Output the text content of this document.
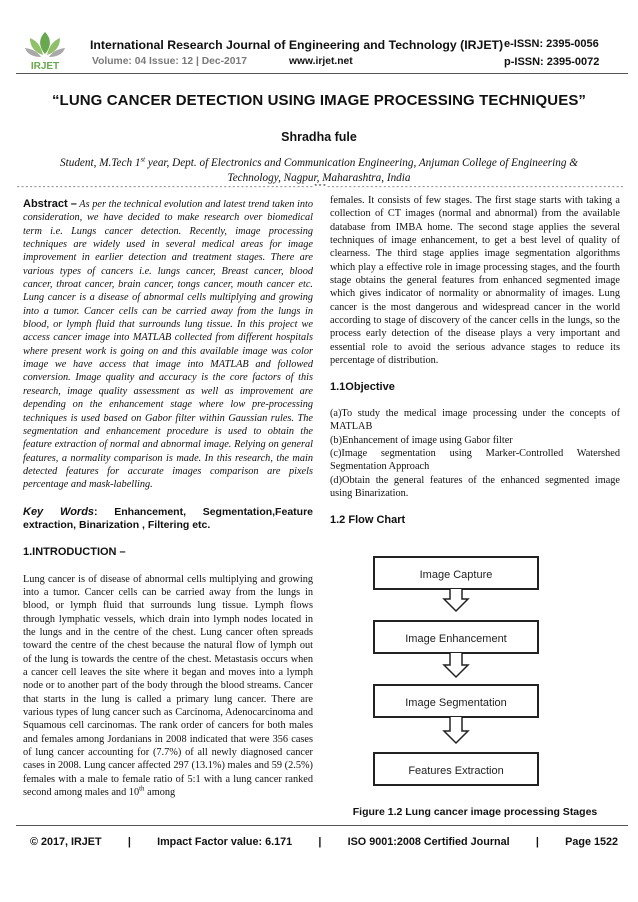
IRJET
International Research Journal of Engineering and Technology (IRJET) e-ISSN: 2395-0056
Volume: 04 Issue: 12 | Dec-2017	www.irjet.net	p-ISSN: 2395-0072
“LUNG CANCER DETECTION USING IMAGE PROCESSING TECHNIQUES”
Shradha fule
Student, M.Tech 1st year, Dept. of Electronics and Communication Engineering, Anjuman College of Engineering &
Technology, Nagpur, Maharashtra, India
---------------------------------------------------------------------***---------------------------------------------------------------------

Abstract – As per the technical evolution and latest trend taken into consideration, we have decided to make research over biomedical term i.e. Lungs cancer detection. Recently, image processing techniques are widely used in several medical areas for image improvement in earlier detection and treatment stages. There are various types of cancers i.e. lungs cancer, Breast cancer, blood cancer, throat cancer, brain cancer, tongs cancer, mouth cancer etc. Lung cancer is a disease of abnormal cells multiplying and growing into a tumor. Cancer cells can be carried away from the lungs in blood, or lymph fluid that surrounds lung tissue. In this project we access cancer image into MATLAB collected from different hospitals where present work is going on and this available image was color image we have access that image into MATLAB and followed conversion. Image quality and accuracy is the core factors of this research, image quality assessment as well as improvement are depending on the enhancement stage where low pre-processing techniques is used based on Gabor filter within Gaussian rules. The segmentation and enhancement procedure is used to obtain the feature extraction of normal and abnormal image. Relying on general features, a normality comparison is made. In this research, the main detected features for accurate images comparison are pixels percentage and mask-labelling.

Key Words: Enhancement, Segmentation,Feature extraction, Binarization , Filtering etc.

1.INTRODUCTION –

Lung cancer is of disease of abnormal cells multiplying and growing into a tumor. Cancer cells can be carried away from the lungs in blood, or lymph fluid that surrounds lung tissue. Lymph flows through lymphatic vessels, which drain into lymph nodes located in the lungs and in the centre of the chest. Lung cancer often spreads toward the centre of the chest because the natural flow of lymph out of the lung is towards the centre of the chest. Metastasis occurs when a cancer cell leaves the site where it began and moves into a lymph node or to another part of the body through the blood streams. Cancer that starts in the lung is called a primary lung cancer. There are various types of lung cancer such as Carcinoma, Adenocarcinoma and Squamous cell carcinomas. The rank order of cancers for both males and females among Jordanians in 2008 indicated that were 356 cases of lung cancer accounting for (7.7%) of all newly diagnosed cancer cases in 2008. Lung cancer affected 297 (13.1%) males and 59 (2.5%) females with a male to female ratio of 5:1 with a lung cancer ranked second among males and 10th among

females. It consists of few stages. The first stage starts with taking a collection of CT images (normal and abnormal) from the available database from IMBA home. The second stage applies the several techniques of image enhancement, to get a best level of quality of clearness. The third stage applies image segmentation algorithms which play a effective role in image processing stages, and the fourth stage obtains the general features from enhanced segmented image which gives indicator of normality or abnormality of images. Lung cancer is the most dangerous and widespread cancer in the world according to stage of discovery of the cancer cells in the lungs, so the process early detection of the disease plays a very important and essential role to avoid the serious advance stages to reduce its percentage of distribution.

1.1Objective

(a)To study the medical image processing under the concepts of MATLAB

(b)Enhancement of image using Gabor filter

(c)Image segmentation using Marker-Controlled Watershed Segmentation Approach

(d)Obtain the general features of the enhanced segmented image using Binarization.

1.2 Flow Chart

Image Capture
Image Enhancement
Image Segmentation
Features Extraction
Figure 1.2 Lung cancer image processing Stages
© 2017, IRJET | Impact Factor value: 6.171 | ISO 9001:2008 Certified Journal | Page 1522
